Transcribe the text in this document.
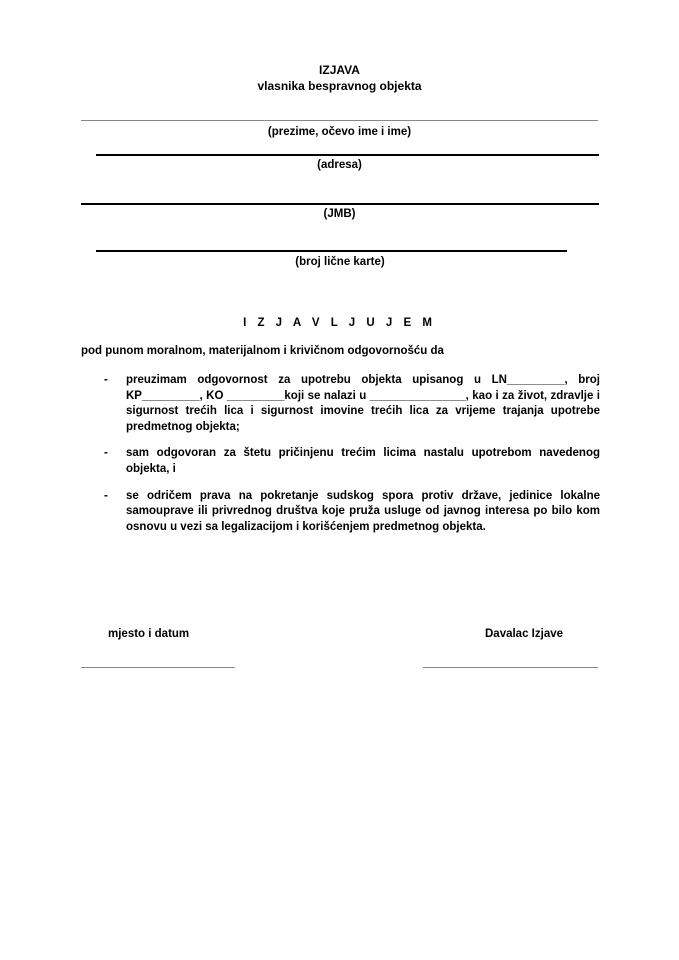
IZJAVA
vlasnika bespravnog objekta
(prezime, očevo ime i ime)
(adresa)
(JMB)
(broj lične karte)
I Z J A V L J U J E M
pod punom moralnom, materijalnom i krivičnom odgovornošću da
- preuzimam odgovornost za upotrebu objekta upisanog u LN_________, broj KP_________, KO _________koji se nalazi u _______________, kao i za život, zdravlje i sigurnost trećih lica i sigurnost imovine trećih lica za vrijeme trajanja upotrebe predmetnog objekta;
- sam odgovoran za štetu pričinjenu trećim licima nastalu upotrebom navedenog objekta, i
- se odričem prava na pokretanje sudskog spora protiv države, jedinice lokalne samouprave ili privrednog društva koje pruža usluge od javnog interesa po bilo kom osnovu u vezi sa legalizacijom i korišćenjem predmetnog objekta.
mjesto i datum	Davalac Izjave
